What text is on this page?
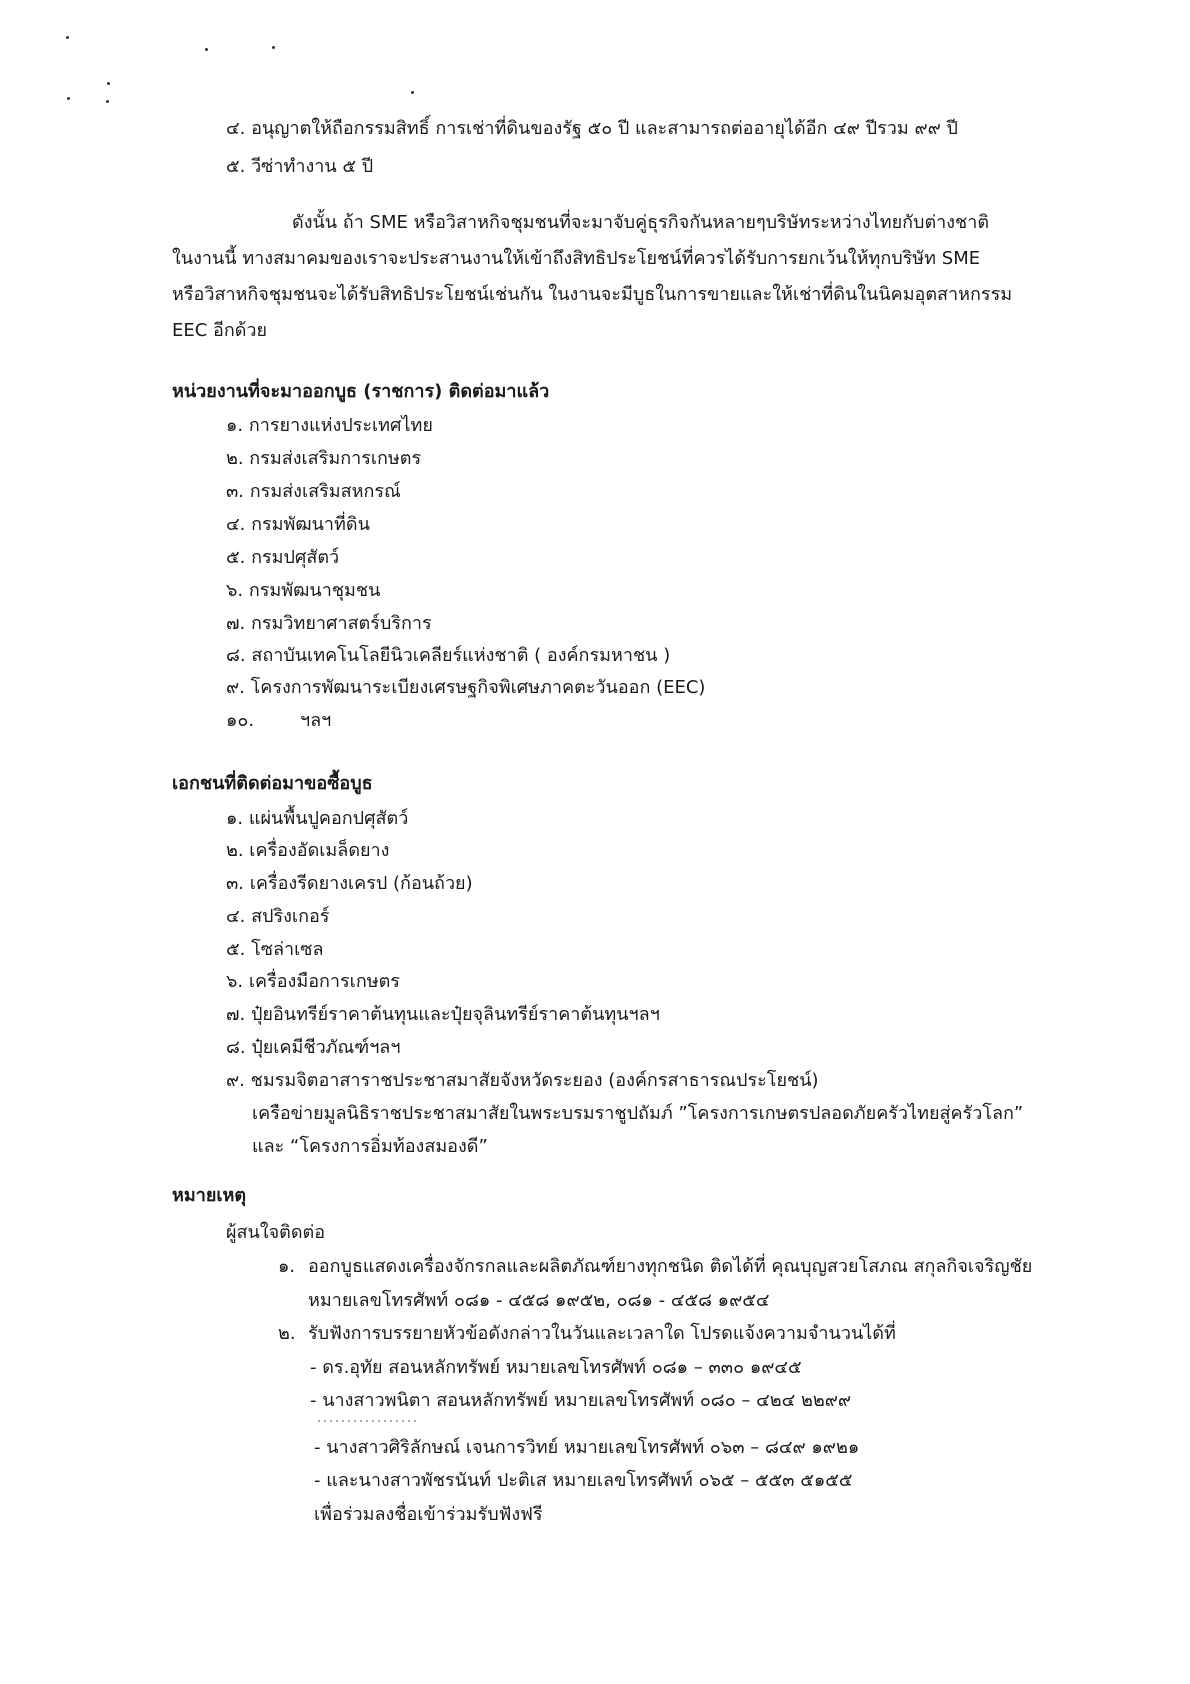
๔. อนุญาตให้ถือกรรมสิทธิ์ การเช่าที่ดินของรัฐ ๕๐ ปี และสามารถต่ออายุได้อีก ๔๙ ปีรวม ๙๙ ปี
๕. วีซ่าทำงาน ๕ ปี
ดังนั้น ถ้า SME หรือวิสาหกิจชุมชนที่จะมาจับคู่ธุรกิจกันหลายๆบริษัทระหว่างไทยกับต่างชาติ
ในงานนี้ ทางสมาคมของเราจะประสานงานให้เข้าถึงสิทธิประโยชน์ที่ควรได้รับการยกเว้นให้ทุกบริษัท SME
หรือวิสาหกิจชุมชนจะได้รับสิทธิประโยชน์เช่นกัน ในงานจะมีบูธในการขายและให้เช่าที่ดินในนิคมอุตสาหกรรม
EEC อีกด้วย
หน่วยงานที่จะมาออกบูธ (ราชการ) ติดต่อมาแล้ว
๑. การยางแห่งประเทศไทย
๒. กรมส่งเสริมการเกษตร
๓. กรมส่งเสริมสหกรณ์
๔. กรมพัฒนาที่ดิน
๕. กรมปศุสัตว์
๖. กรมพัฒนาชุมชน
๗. กรมวิทยาศาสตร์บริการ
๘. สถาบันเทคโนโลยีนิวเคลียร์แห่งชาติ ( องค์กรมหาชน )
๙. โครงการพัฒนาระเบียงเศรษฐกิจพิเศษภาคตะวันออก (EEC)
๑๐.	ฯลฯ
เอกชนที่ติดต่อมาขอซื้อบูธ
๑. แผ่นพื้นปูคอกปศุสัตว์
๒. เครื่องอัดเมล็ดยาง
๓. เครื่องรีดยางเครป (ก้อนถ้วย)
๔. สปริงเกอร์
๕. โซล่าเซล
๖. เครื่องมือการเกษตร
๗. ปุ๋ยอินทรีย์ราคาต้นทุนและปุ๋ยจุลินทรีย์ราคาต้นทุนฯลฯ
๘. ปุ๋ยเคมีชีวภัณฑ์ฯลฯ
๙. ชมรมจิตอาสาราชประชาสมาสัยจังหวัดระยอง (องค์กรสาธารณประโยชน์)
เครือข่ายมูลนิธิราชประชาสมาสัยในพระบรมราชูปถัมภ์ ”โครงการเกษตรปลอดภัยครัวไทยสู่ครัวโลก”
และ “โครงการอิ่มท้องสมองดี”
หมายเหตุ
ผู้สนใจติดต่อ
๑. ออกบูธแสดงเครื่องจักรกลและผลิตภัณฑ์ยางทุกชนิด ติดได้ที่ คุณบุญสวยโสภณ สกุลกิจเจริญชัย
หมายเลขโทรศัพท์ ๐๘๑ - ๔๕๘ ๑๙๕๒, ๐๘๑ - ๔๕๘ ๑๙๕๔
๒. รับฟังการบรรยายหัวข้อดังกล่าวในวันและเวลาใด โปรดแจ้งความจำนวนได้ที่
- ดร.อุทัย สอนหลักทรัพย์ หมายเลขโทรศัพท์ ๐๘๑ – ๓๓๐ ๑๙๔๕
- นางสาวพนิตา สอนหลักทรัพย์ หมายเลขโทรศัพท์ ๐๘๐ – ๔๒๔ ๒๒๙๙
- นางสาวศิริลักษณ์ เจนการวิทย์ หมายเลขโทรศัพท์ ๐๖๓ – ๘๔๙ ๑๙๒๑
- และนางสาวพัชรนันท์ ปะติเส หมายเลขโทรศัพท์ ๐๖๕ – ๕๕๓ ๕๑๕๕
เพื่อร่วมลงชื่อเข้าร่วมรับฟังฟรี
